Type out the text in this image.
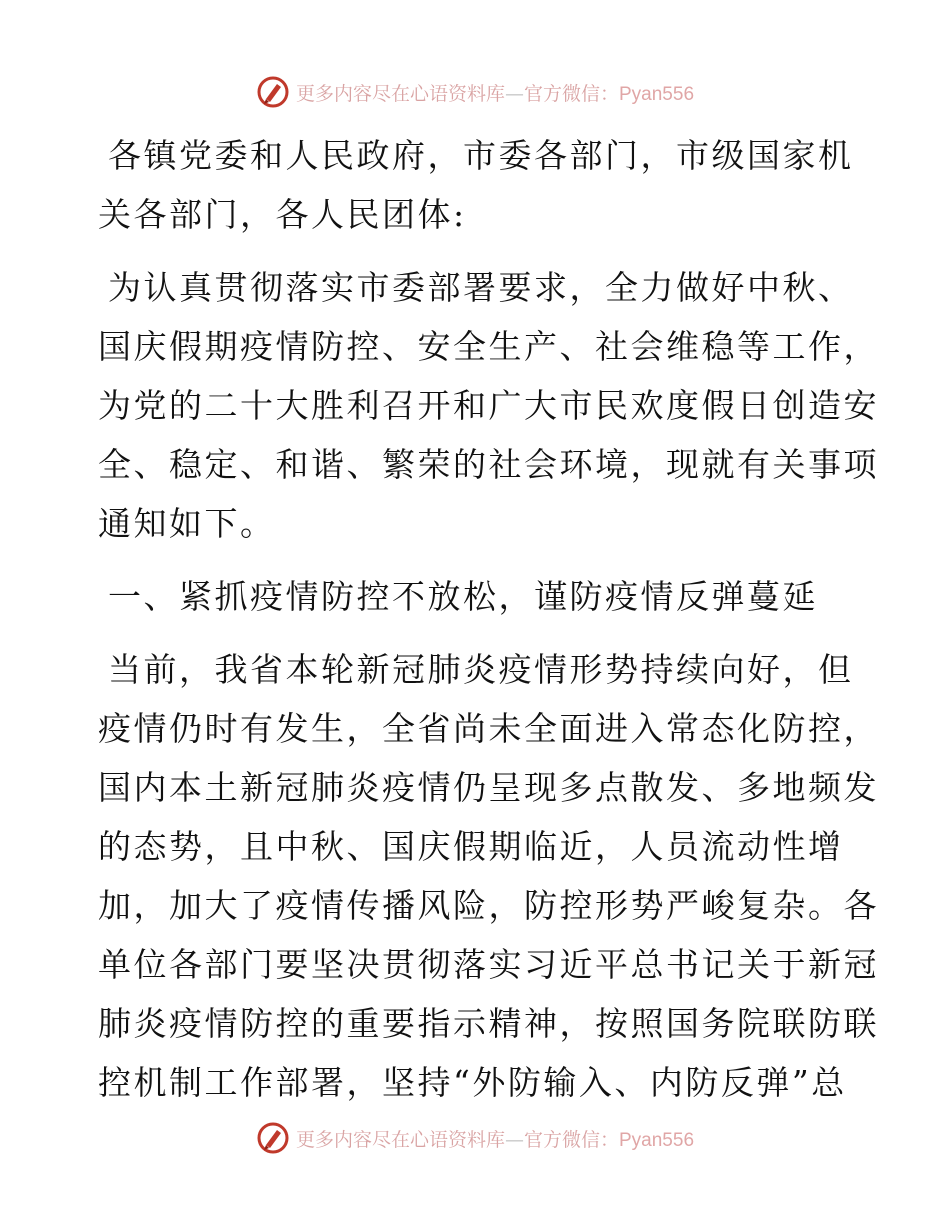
更多内容尽在心语资料库—官方微信：Pyan556
各镇党委和人民政府，市委各部门，市级国家机
关各部门，各人民团体:
为认真贯彻落实市委部署要求，全力做好中秋、
国庆假期疫情防控、安全生产、社会维稳等工作，
为党的二十大胜利召开和广大市民欢度假日创造安
全、稳定、和谐、繁荣的社会环境，现就有关事项
通知如下。
一、紧抓疫情防控不放松，谨防疫情反弹蔓延
当前，我省本轮新冠肺炎疫情形势持续向好，但
疫情仍时有发生，全省尚未全面进入常态化防控，
国内本土新冠肺炎疫情仍呈现多点散发、多地频发
的态势，且中秋、国庆假期临近，人员流动性增
加，加大了疫情传播风险，防控形势严峻复杂。各
单位各部门要坚决贯彻落实习近平总书记关于新冠
肺炎疫情防控的重要指示精神，按照国务院联防联
控机制工作部署，坚持“外防输入、内防反弹”总
更多内容尽在心语资料库—官方微信：Pyan556
